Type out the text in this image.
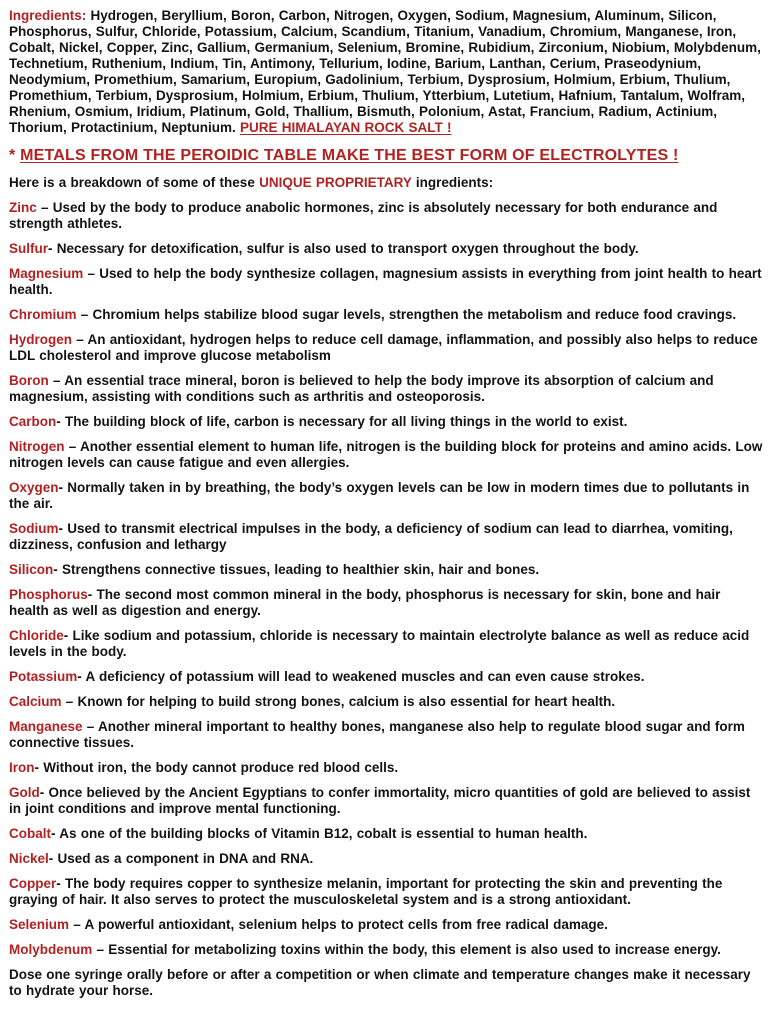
Ingredients: Hydrogen, Beryllium, Boron, Carbon, Nitrogen, Oxygen, Sodium, Magnesium, Aluminum, Silicon, Phosphorus, Sulfur, Chloride, Potassium, Calcium, Scandium, Titanium, Vanadium, Chromium, Manganese, Iron, Cobalt, Nickel, Copper, Zinc, Gallium, Germanium, Selenium, Bromine, Rubidium, Zirconium, Niobium, Molybdenum, Technetium, Ruthenium, Indium, Tin, Antimony, Tellurium, Iodine, Barium, Lanthan, Cerium, Praseodynium, Neodymium, Promethium, Samarium, Europium, Gadolinium, Terbium, Dysprosium, Holmium, Erbium, Thulium, Promethium, Terbium, Dysprosium, Holmium, Erbium, Thulium, Ytterbium, Lutetium, Hafnium, Tantalum, Wolfram, Rhenium, Osmium, Iridium, Platinum, Gold, Thallium, Bismuth, Polonium, Astat, Francium, Radium, Actinium, Thorium, Protactinium, Neptunium. PURE HIMALAYAN ROCK SALT !

* METALS FROM THE PEROIDIC TABLE MAKE THE BEST FORM OF ELECTROLYTES !

Here is a breakdown of some of these UNIQUE PROPRIETARY ingredients:

Zinc – Used by the body to produce anabolic hormones, zinc is absolutely necessary for both endurance and strength athletes.

Sulfur- Necessary for detoxification, sulfur is also used to transport oxygen throughout the body.

Magnesium – Used to help the body synthesize collagen, magnesium assists in everything from joint health to heart health.

Chromium – Chromium helps stabilize blood sugar levels, strengthen the metabolism and reduce food cravings.

Hydrogen – An antioxidant, hydrogen helps to reduce cell damage, inflammation, and possibly also helps to reduce LDL cholesterol and improve glucose metabolism

Boron – An essential trace mineral, boron is believed to help the body improve its absorption of calcium and magnesium, assisting with conditions such as arthritis and osteoporosis.

Carbon- The building block of life, carbon is necessary for all living things in the world to exist.

Nitrogen – Another essential element to human life, nitrogen is the building block for proteins and amino acids. Low nitrogen levels can cause fatigue and even allergies.

Oxygen- Normally taken in by breathing, the body’s oxygen levels can be low in modern times due to pollutants in the air.

Sodium- Used to transmit electrical impulses in the body, a deficiency of sodium can lead to diarrhea, vomiting, dizziness, confusion and lethargy

Silicon- Strengthens connective tissues, leading to healthier skin, hair and bones.

Phosphorus- The second most common mineral in the body, phosphorus is necessary for skin, bone and hair health as well as digestion and energy.

Chloride- Like sodium and potassium, chloride is necessary to maintain electrolyte balance as well as reduce acid levels in the body.

Potassium- A deficiency of potassium will lead to weakened muscles and can even cause strokes.

Calcium – Known for helping to build strong bones, calcium is also essential for heart health.

Manganese – Another mineral important to healthy bones, manganese also help to regulate blood sugar and form connective tissues.

Iron- Without iron, the body cannot produce red blood cells.

Gold- Once believed by the Ancient Egyptians to confer immortality, micro quantities of gold are believed to assist in joint conditions and improve mental functioning.

Cobalt- As one of the building blocks of Vitamin B12, cobalt is essential to human health.

Nickel- Used as a component in DNA and RNA.

Copper- The body requires copper to synthesize melanin, important for protecting the skin and preventing the graying of hair. It also serves to protect the musculoskeletal system and is a strong antioxidant.

Selenium – A powerful antioxidant, selenium helps to protect cells from free radical damage.

Molybdenum – Essential for metabolizing toxins within the body, this element is also used to increase energy.

Dose one syringe orally before or after a competition or when climate and temperature changes make it necessary to hydrate your horse.
